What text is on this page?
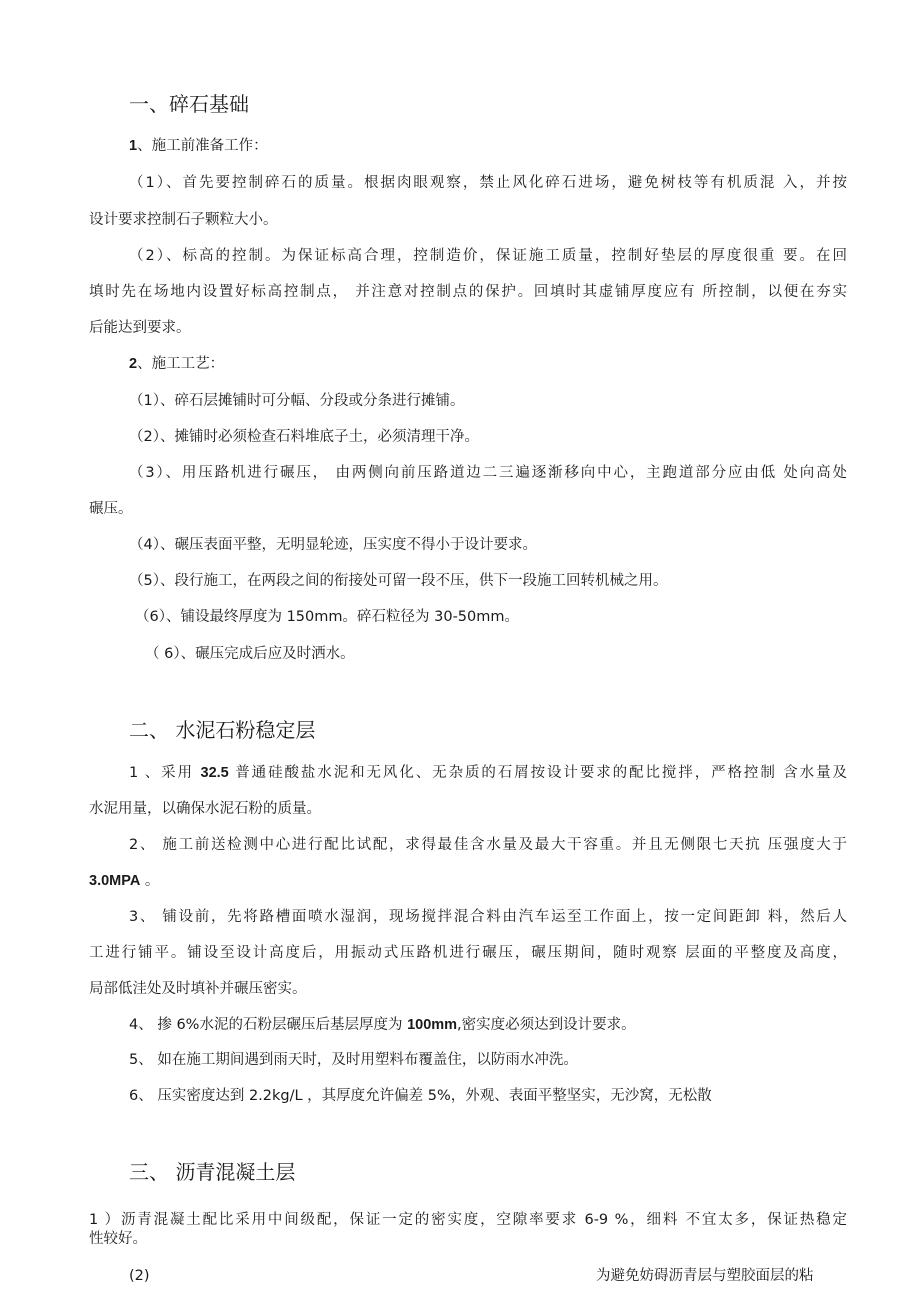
一、碎石基础
1、施工前准备工作：
（1）、首先要控制碎石的质量。根据肉眼观察，禁止风化碎石进场，避免树枝等有机质混 入，并按
设计要求控制石子颗粒大小。
（2）、标高的控制。为保证标高合理，控制造价，保证施工质量，控制好垫层的厚度很重 要。在回
填时先在场地内设置好标高控制点， 并注意对控制点的保护。回填时其虚铺厚度应有 所控制，以便在夯实
后能达到要求。
2、施工工艺：
（1）、碎石层摊铺时可分幅、分段或分条进行摊铺。
（2）、摊铺时必须检查石料堆底子土，必须清理干净。
（3）、用压路机进行碾压， 由两侧向前压路道边二三遍逐渐移向中心，主跑道部分应由低 处向高处
碾压。
（4）、碾压表面平整，无明显轮迹，压实度不得小于设计要求。
（5）、段行施工，在两段之间的衔接处可留一段不压，供下一段施工回转机械之用。
（6）、铺设最终厚度为 150mm。碎石粒径为 30-50mm。
（ 6）、碾压完成后应及时洒水。
二、 水泥石粉稳定层
1 、采用 32.5 普通硅酸盐水泥和无风化、无杂质的石屑按设计要求的配比搅拌，严格控制 含水量及
水泥用量，以确保水泥石粉的质量。
2、 施工前送检测中心进行配比试配，求得最佳含水量及最大干容重。并且无侧限七天抗 压强度大于
3.0MPA 。
3、 铺设前，先将路槽面喷水湿润，现场搅拌混合料由汽车运至工作面上，按一定间距卸 料，然后人
工进行铺平。铺设至设计高度后，用振动式压路机进行碾压，碾压期间，随时观察 层面的平整度及高度，
局部低洼处及时填补并碾压密实。
4、 掺 6%水泥的石粉层碾压后基层厚度为 100mm,密实度必须达到设计要求。
5、 如在施工期间遇到雨天时，及时用塑料布覆盖住，以防雨水冲洗。
6、 压实密度达到 2.2kg/L ，其厚度允许偏差 5%，外观、表面平整坚实，无沙窝，无松散
三、 沥青混凝土层
1 ）沥青混凝土配比采用中间级配，保证一定的密实度，空隙率要求 6-9 %，细料 不宜太多，保证热稳定
性较好。
(2)	为避免妨碍沥青层与塑胶面层的粘
